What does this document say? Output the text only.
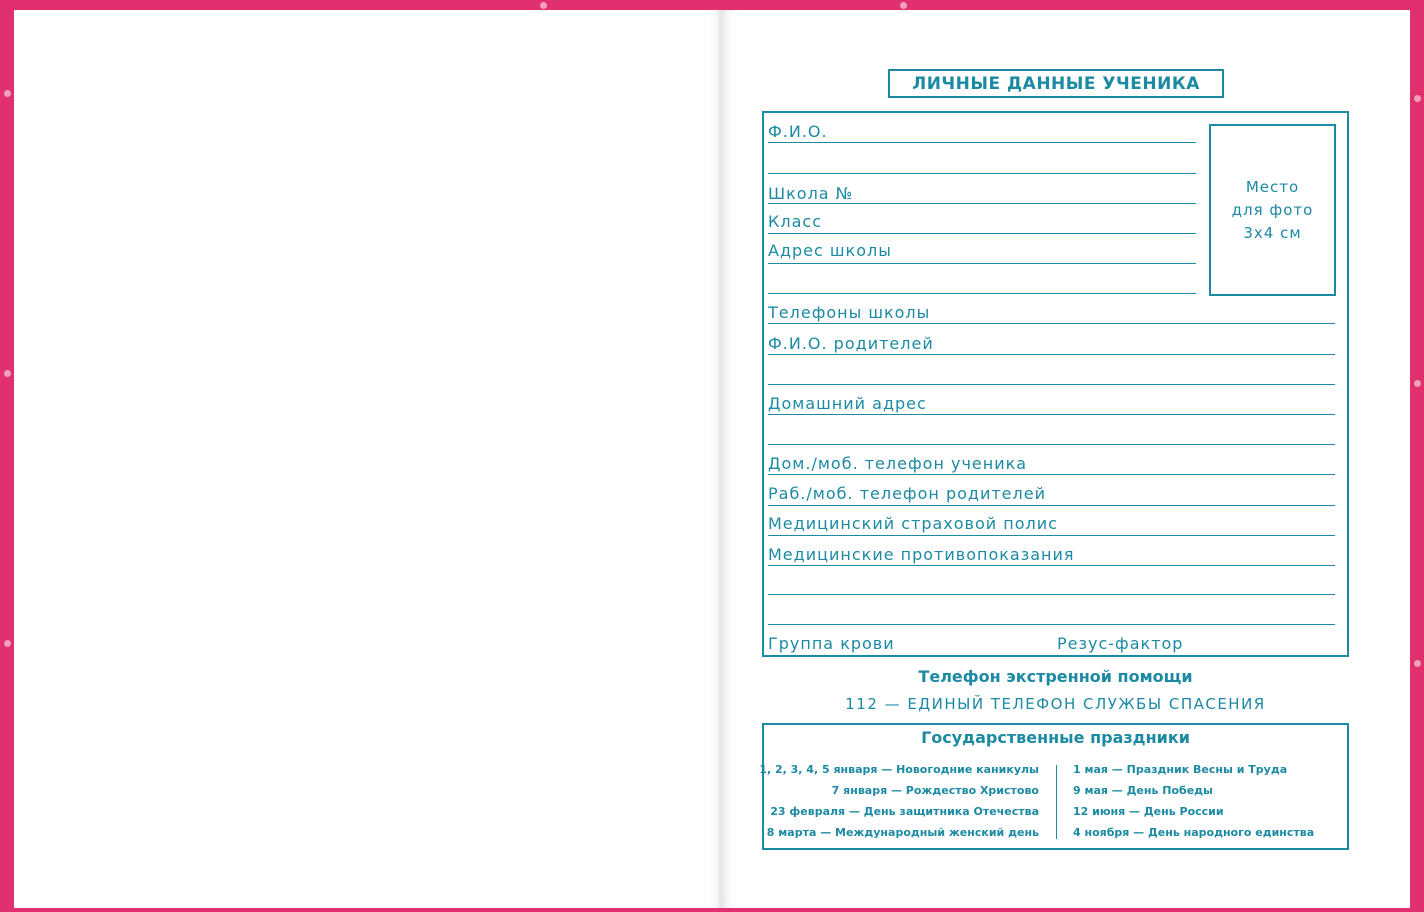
ЛИЧНЫЕ ДАННЫЕ УЧЕНИКА
Место
для фото
3х4 см
Ф.И.О.
Школа №
Класс
Адрес школы
Телефоны школы
Ф.И.О. родителей
Домашний адрес
Дом./моб. телефон ученика
Раб./моб. телефон родителей
Медицинский страховой полис
Медицинские противопоказания
Группа крови	Резус-фактор
Телефон экстренной помощи
112 — ЕДИНЫЙ ТЕЛЕФОН СЛУЖБЫ СПАСЕНИЯ
Государственные праздники
1, 2, 3, 4, 5 января — Новогодние каникулы
7 января — Рождество Христово
23 февраля — День защитника Отечества
8 марта — Международный женский день
1 мая — Праздник Весны и Труда
9 мая — День Победы
12 июня — День России
4 ноября — День народного единства
